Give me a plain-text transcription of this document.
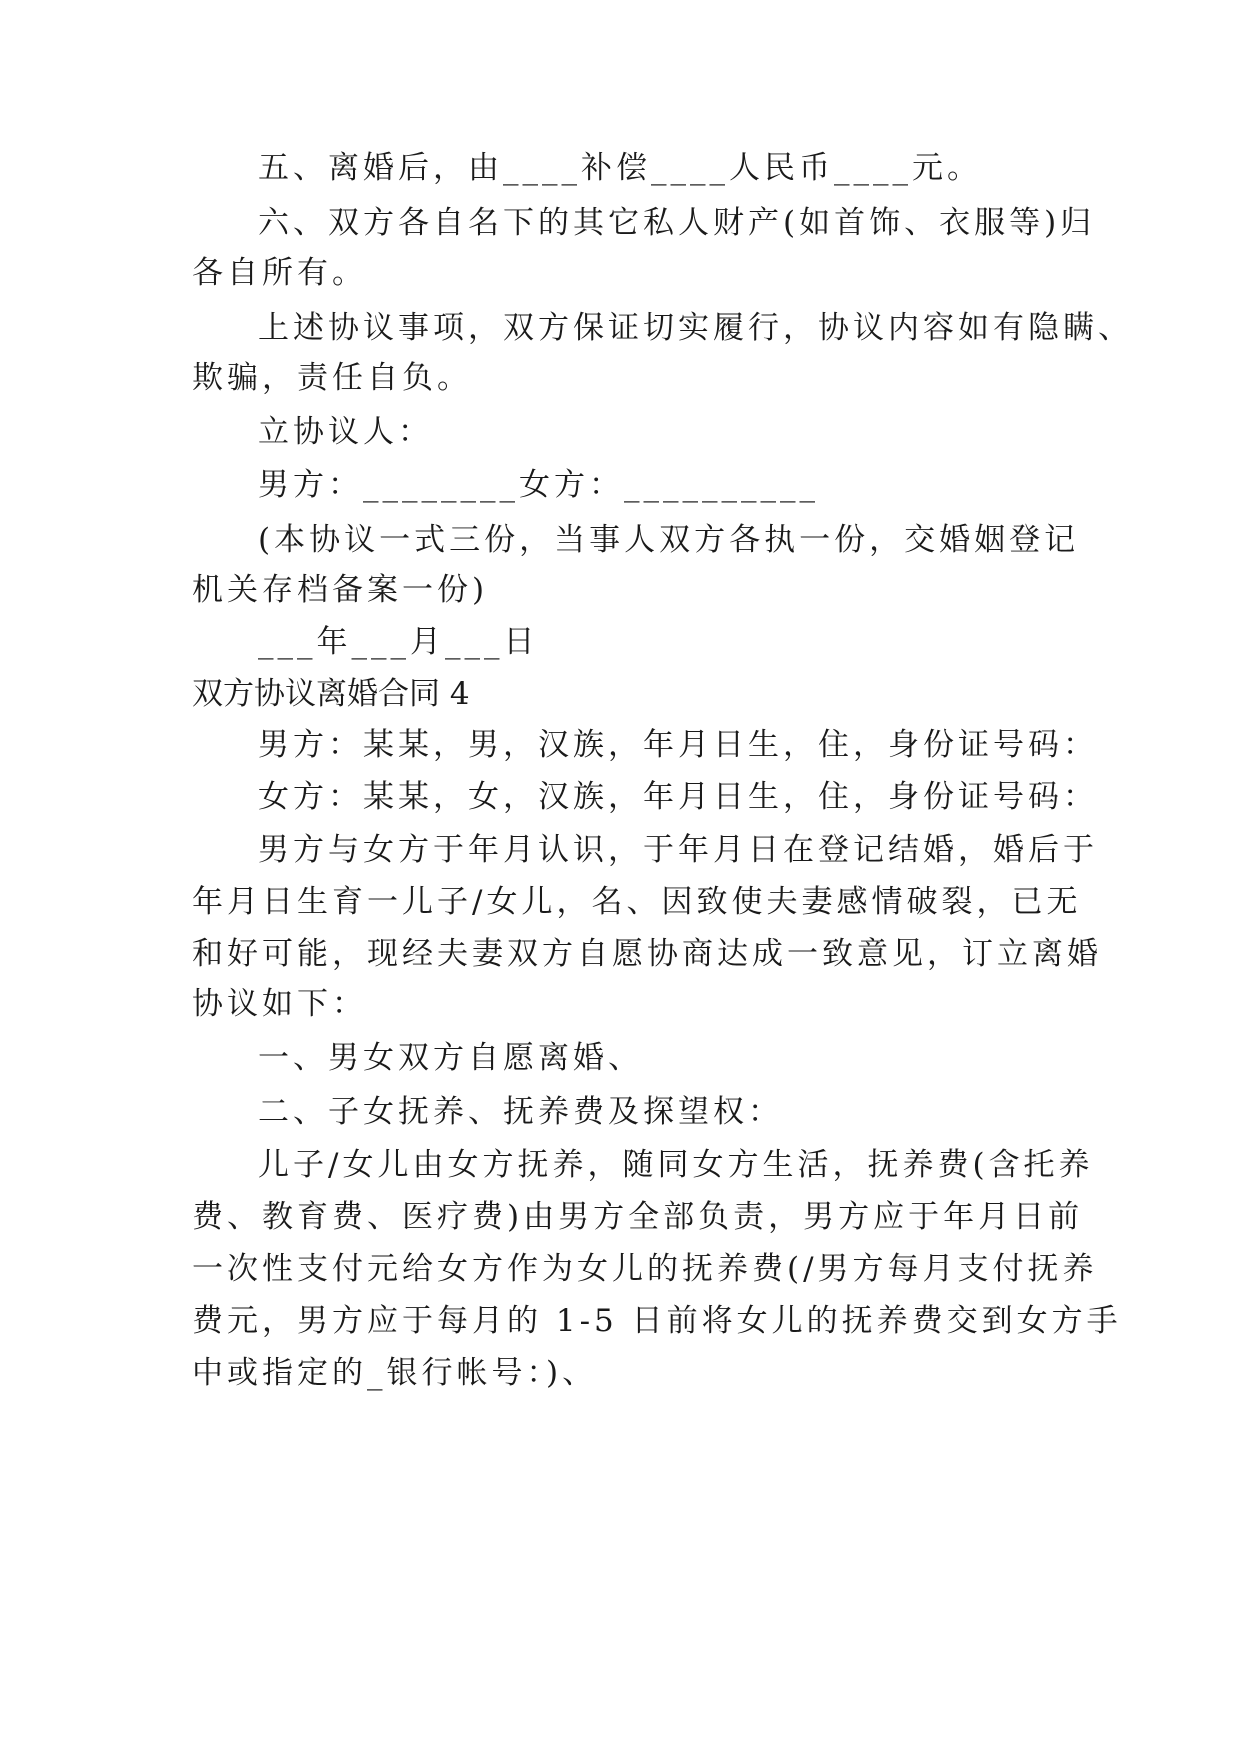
五、离婚后，由____补偿____人民币____元。
六、双方各自名下的其它私人财产(如首饰、衣服等)归
各自所有。
上述协议事项，双方保证切实履行，协议内容如有隐瞒、
欺骗，责任自负。
立协议人：
男方：________女方：__________
(本协议一式三份，当事人双方各执一份，交婚姻登记
机关存档备案一份)
___年___月___日
双方协议离婚合同 4
男方：某某，男，汉族，年月日生，住，身份证号码：
女方：某某，女，汉族，年月日生，住，身份证号码：
男方与女方于年月认识，于年月日在登记结婚，婚后于
年月日生育一儿子/女儿，名、因致使夫妻感情破裂，已无
和好可能，现经夫妻双方自愿协商达成一致意见，订立离婚
协议如下：
一、男女双方自愿离婚、
二、子女抚养、抚养费及探望权：
儿子/女儿由女方抚养，随同女方生活，抚养费(含托养
费、教育费、医疗费)由男方全部负责，男方应于年月日前
一次性支付元给女方作为女儿的抚养费(/男方每月支付抚养
费元，男方应于每月的 1-5 日前将女儿的抚养费交到女方手
中或指定的_银行帐号：)、
